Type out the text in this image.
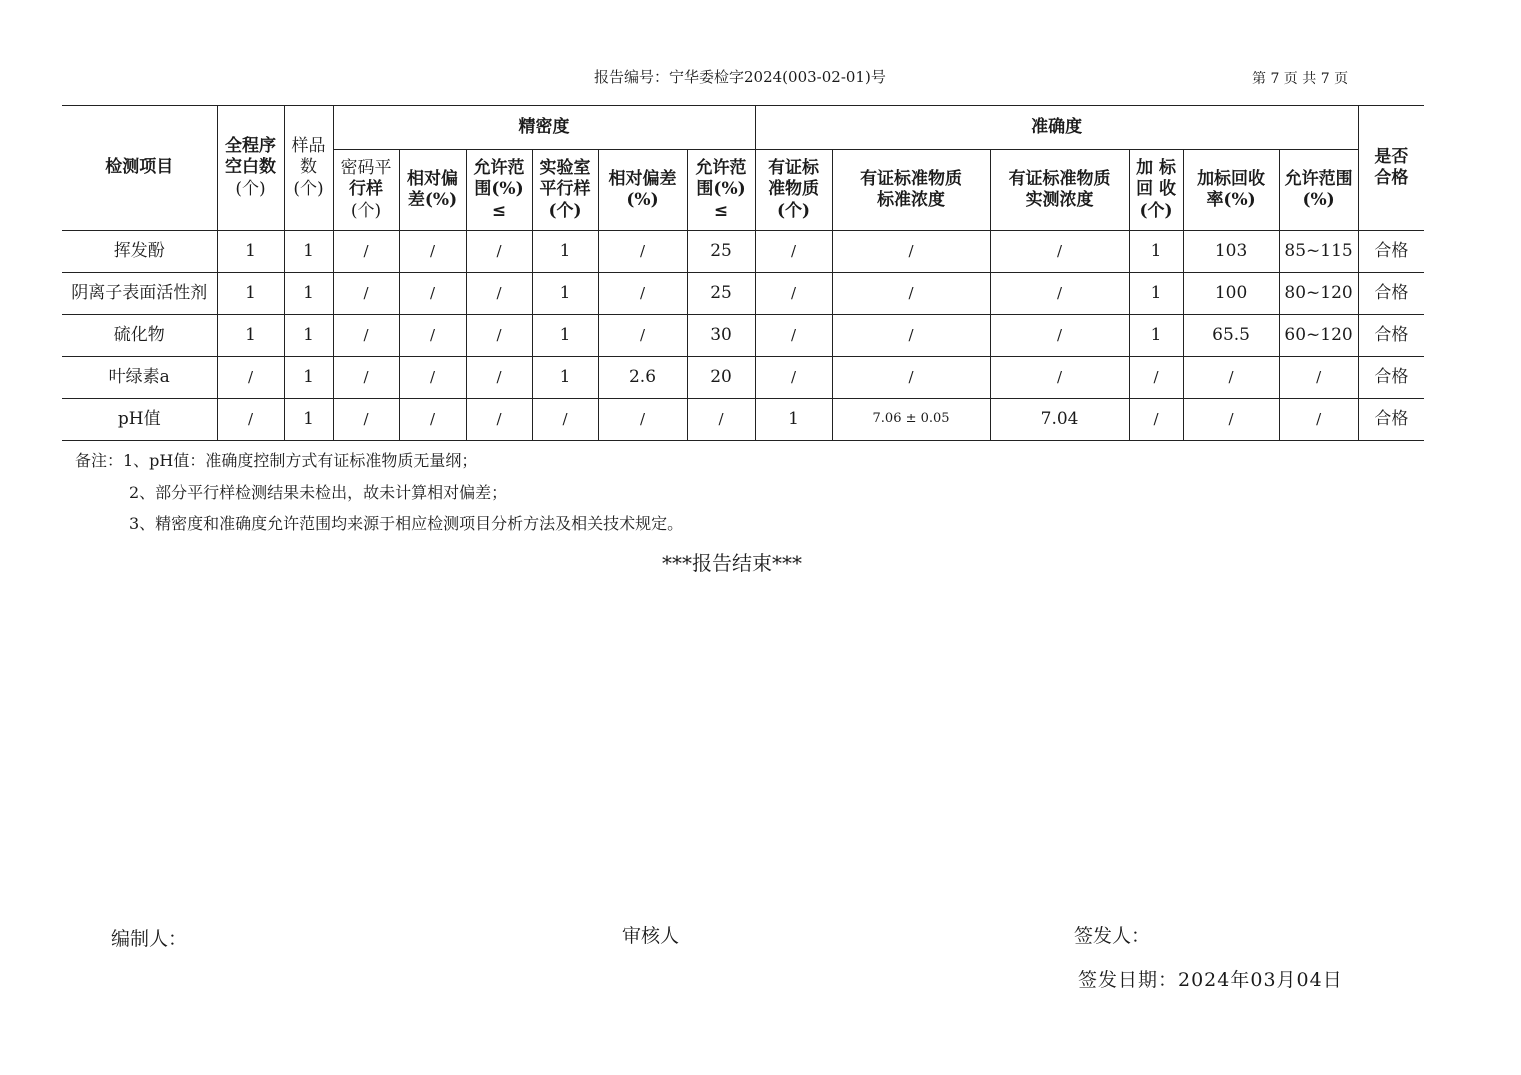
报告编号：宁华委检字2024(003-02-01)号	第 7 页 共 7 页
检测项目	全程序
空白数
(个)	样品
数
(个)	精密度						准确度						是否
合格
			密码平
行样
(个)	相对偏
差(%)	允许范
围(%)
≤	实验室
平行样
(个)	相对偏差
(%)	允许范
围(%)
≤	有证标
准物质
(个)	有证标准物质
标准浓度	有证标准物质
实测浓度	加 标
回 收
(个)	加标回收
率(%)	允许范围
(%)	
挥发酚	1	1	/	/	/	1	/	25	/	/	/	1	103	85~115	合格
阴离子表面活性剂	1	1	/	/	/	1	/	25	/	/	/	1	100	80~120	合格
硫化物	1	1	/	/	/	1	/	30	/	/	/	1	65.5	60~120	合格
叶绿素a	/	1	/	/	/	1	2.6	20	/	/	/	/	/	/	合格
pH值	/	1	/	/	/	/	/	/	1	7.06 ± 0.05	7.04	/	/	/	合格
备注：1、pH值：准确度控制方式有证标准物质无量纲；
2、部分平行样检测结果未检出，故未计算相对偏差；
3、精密度和准确度允许范围均来源于相应检测项目分析方法及相关技术规定。
***报告结束***
编制人：	审核人	签发人：
签发日期：2024年03月04日
